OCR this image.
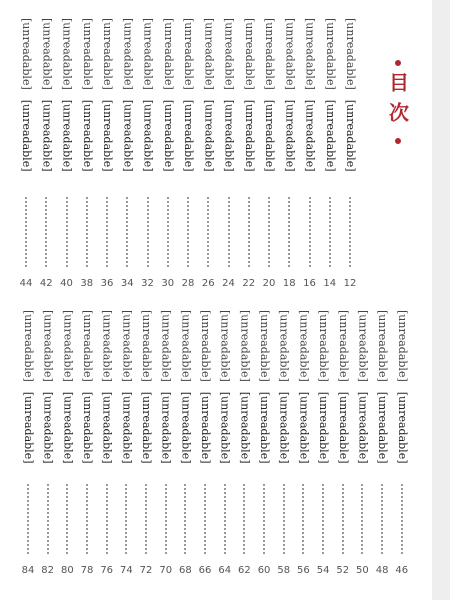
目次
[unreadable][unreadable]
12
[unreadable][unreadable]
14
[unreadable][unreadable]
16
[unreadable][unreadable]
18
[unreadable][unreadable]
20
[unreadable][unreadable]
22
[unreadable][unreadable]
24
[unreadable][unreadable]
26
[unreadable][unreadable]
28
[unreadable][unreadable]
30
[unreadable][unreadable]
32
[unreadable][unreadable]
34
[unreadable][unreadable]
36
[unreadable][unreadable]
38
[unreadable][unreadable]
40
[unreadable][unreadable]
42
[unreadable][unreadable]
44
[unreadable][unreadable]
46
[unreadable][unreadable]
48
[unreadable][unreadable]
50
[unreadable][unreadable]
52
[unreadable][unreadable]
54
[unreadable][unreadable]
56
[unreadable][unreadable]
58
[unreadable][unreadable]
60
[unreadable][unreadable]
62
[unreadable][unreadable]
64
[unreadable][unreadable]
66
[unreadable][unreadable]
68
[unreadable][unreadable]
70
[unreadable][unreadable]
72
[unreadable][unreadable]
74
[unreadable][unreadable]
76
[unreadable][unreadable]
78
[unreadable][unreadable]
80
[unreadable][unreadable]
82
[unreadable][unreadable]
84
